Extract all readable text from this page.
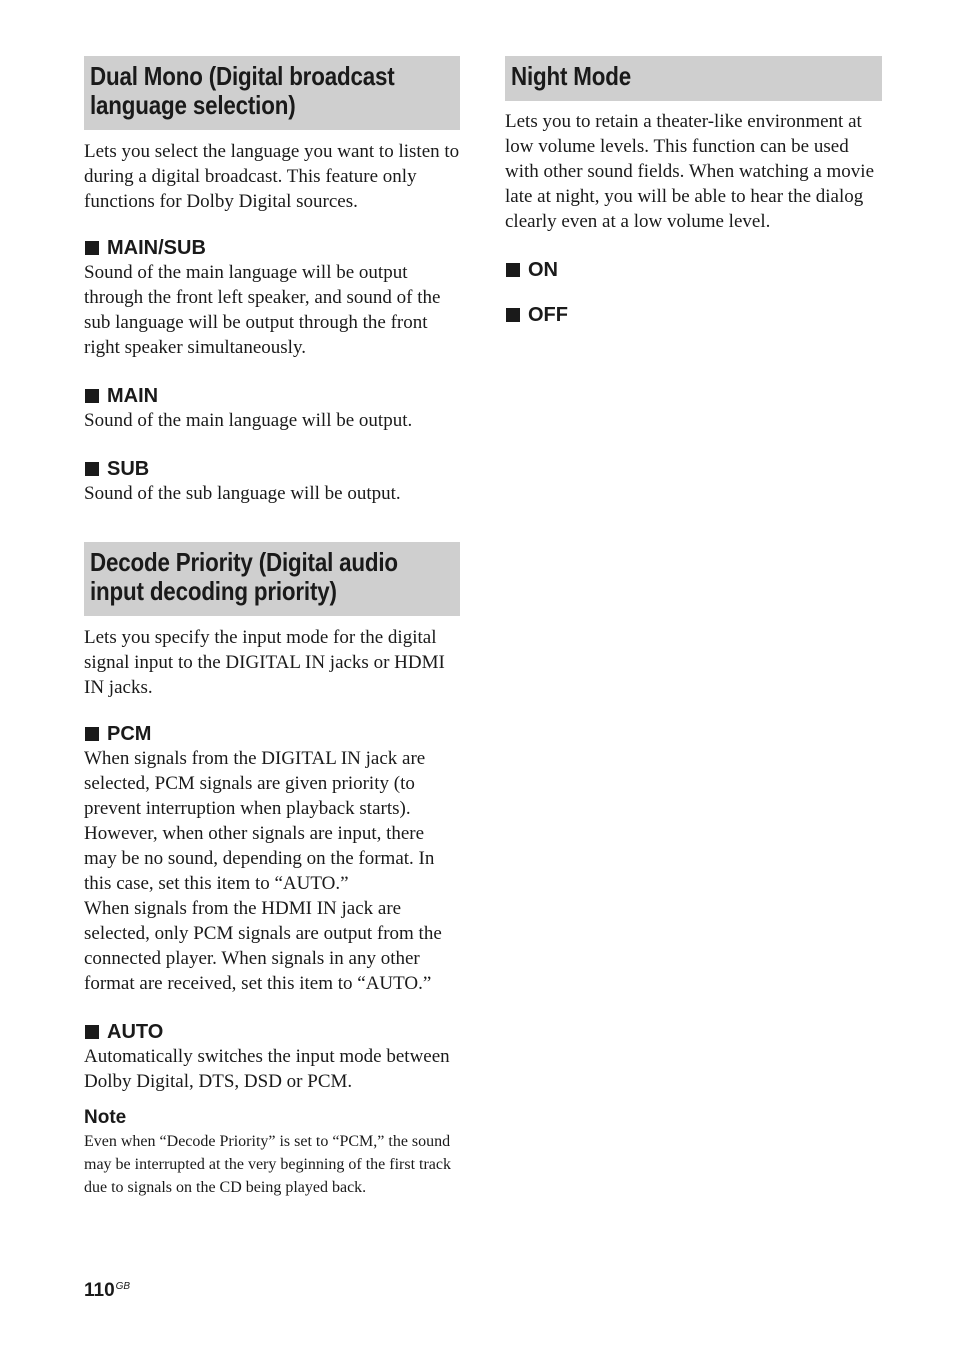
Dual Mono (Digital broadcast
language selection)

Lets you select the language you want to listen to during a digital broadcast. This feature only functions for Dolby Digital sources.

MAIN/SUB

Sound of the main language will be output through the front left speaker, and sound of the sub language will be output through the front right speaker simultaneously.

MAIN

Sound of the main language will be output.

SUB

Sound of the sub language will be output.

Decode Priority (Digital audio
input decoding priority)

Lets you specify the input mode for the digital signal input to the DIGITAL IN jacks or HDMI IN jacks.

PCM

When signals from the DIGITAL IN jack are selected, PCM signals are given priority (to prevent interruption when playback starts). However, when other signals are input, there may be no sound, depending on the format. In this case, set this item to “AUTO.”

When signals from the HDMI IN jack are selected, only PCM signals are output from the connected player. When signals in any other format are received, set this item to “AUTO.”

AUTO

Automatically switches the input mode between Dolby Digital, DTS, DSD or PCM.

Note

Even when “Decode Priority” is set to “PCM,” the sound may be interrupted at the very beginning of the first track due to signals on the CD being played back.

Night Mode

Lets you to retain a theater-like environment at low volume levels. This function can be used with other sound fields. When watching a movie late at night, you will be able to hear the dialog clearly even at a low volume level.

ON

OFF

$110^{GB}$
